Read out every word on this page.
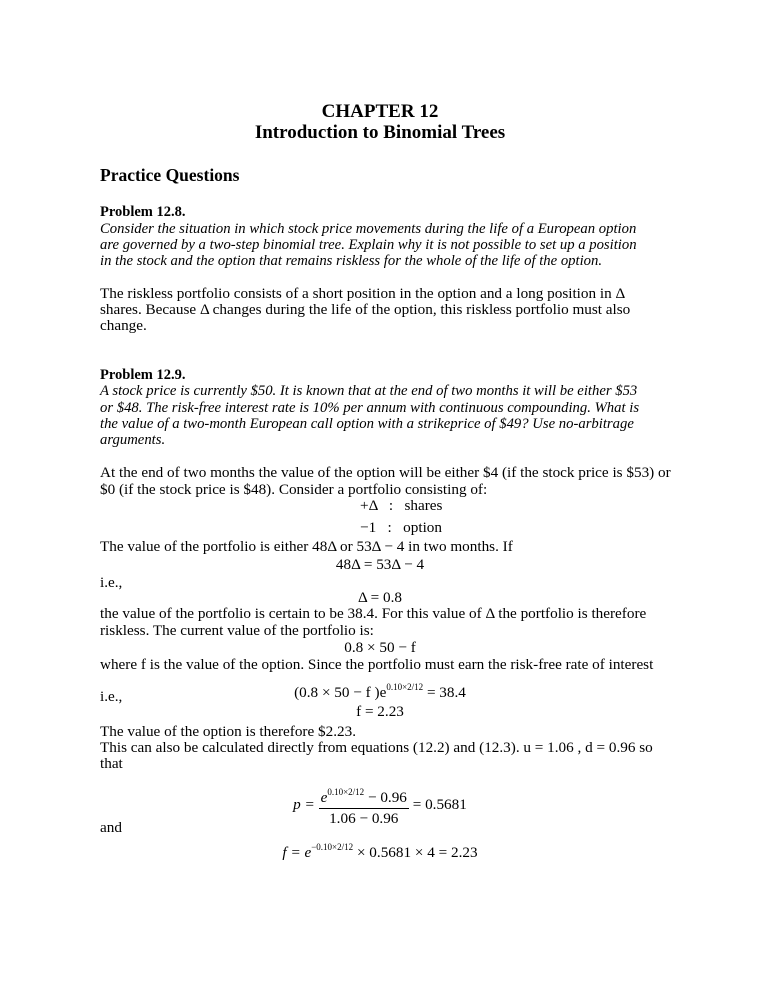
CHAPTER 12
Introduction to Binomial Trees
Practice Questions
Problem 12.8.
Consider the situation in which stock price movements during the life of a European option
are governed by a two-step binomial tree. Explain why it is not possible to set up a position
in the stock and the option that remains riskless for the whole of the life of the option.
The riskless portfolio consists of a short position in the option and a long position in Δ
shares. Because Δ changes during the life of the option, this riskless portfolio must also
change.
Problem 12.9.
A stock price is currently $50. It is known that at the end of two months it will be either $53
or $48. The risk-free interest rate is 10% per annum with continuous compounding. What is
the value of a two-month European call option with a strikeprice of $49? Use no-arbitrage
arguments.
At the end of two months the value of the option will be either $4 (if the stock price is $53) or
$0 (if the stock price is $48). Consider a portfolio consisting of:
+Δ   :   shares
−1   :   option
The value of the portfolio is either 48Δ or 53Δ − 4 in two months. If
48Δ = 53Δ − 4
i.e.,
Δ = 0.8
the value of the portfolio is certain to be 38.4. For this value of Δ the portfolio is therefore
riskless. The current value of the portfolio is:
0.8 × 50 − f
where f is the value of the option. Since the portfolio must earn the risk-free rate of interest
(0.8 × 50 − f )$e^{0.10\times 2/12} = 38.4$
i.e.,
f = 2.23
The value of the option is therefore $2.23.
This can also be calculated directly from equations (12.2) and (12.3). u = 1.06 , d = 0.96 so
that
$p = \frac{e^{0.10\times 2/12} - 0.96}{1.06 - 0.96} = 0.5681$
and
$f = e^{-0.10\times 2/12} \times 0.5681 \times 4 = 2.23$
